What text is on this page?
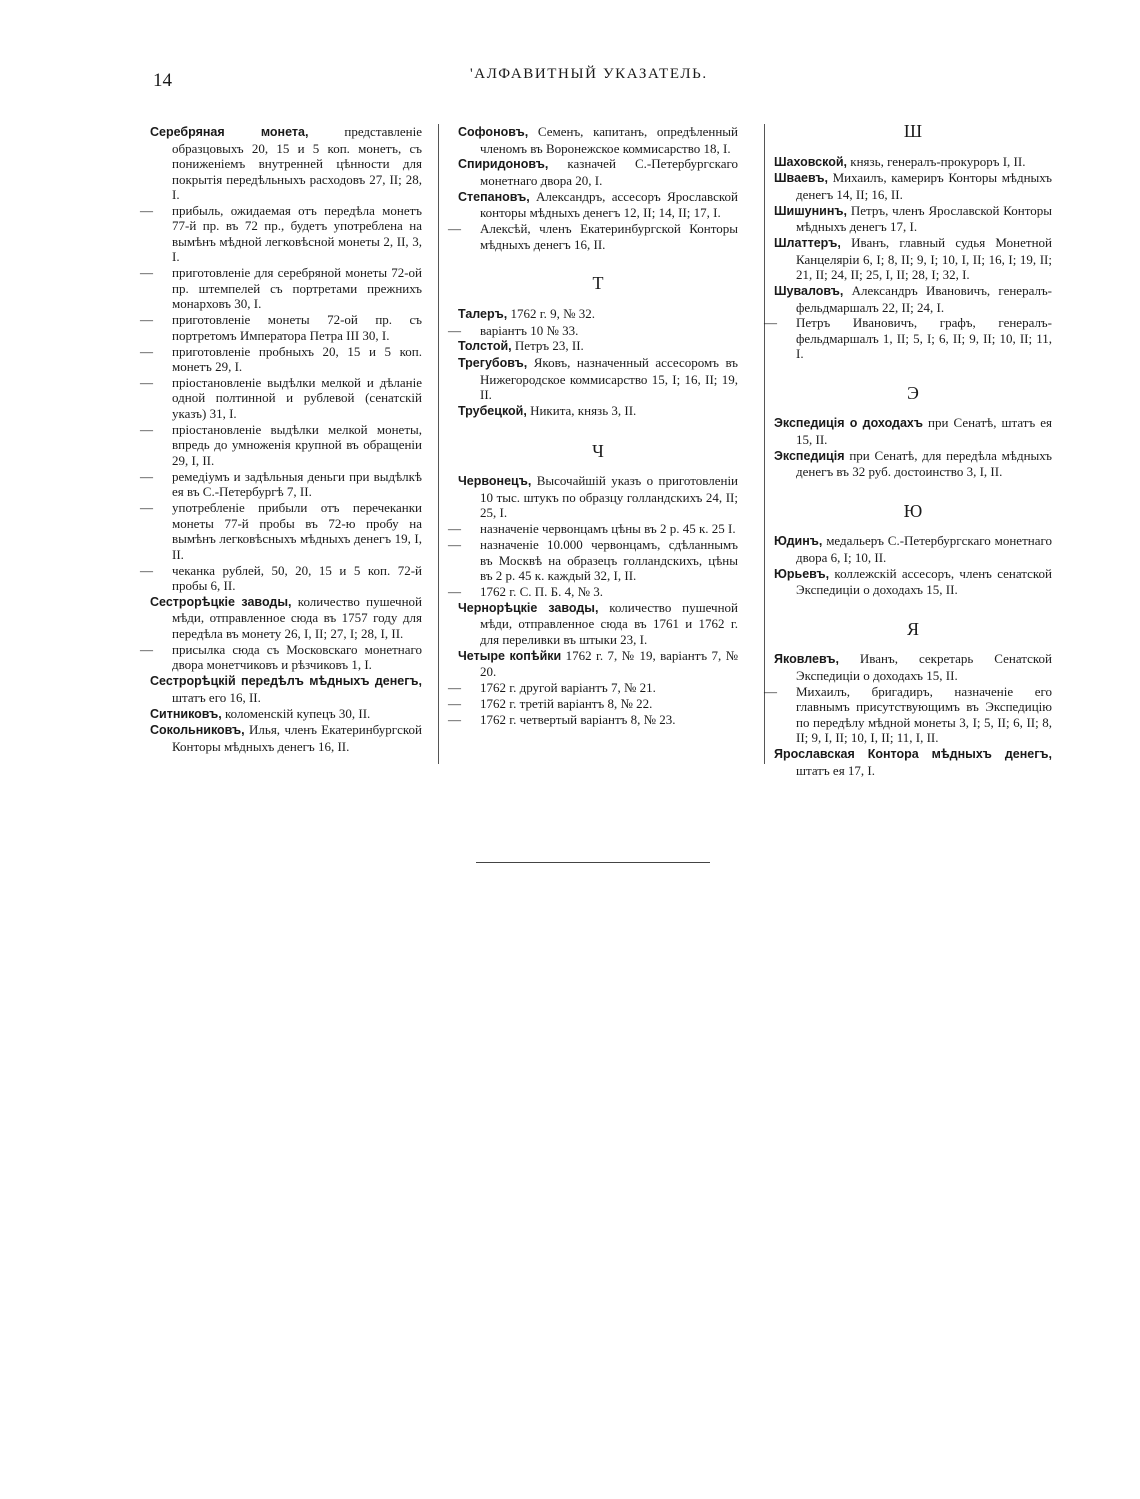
14	'АЛФАВИТНЫЙ УКАЗАТЕЛЬ.
Серебряная монета,	представленіе образцовыхъ 20, 15 и 5 коп. монетъ, съ пониженіемъ внутренней цѣнности для покрытія передѣльныхъ расходовъ 27, II; 28, I.
— прибыль, ожидаемая отъ передѣла монетъ 77-й пр. въ 72 пр., будетъ употреблена на вымѣнъ мѣдной легковѣсной монеты 2, II, 3, I.
— приготовленіе для серебряной монеты 72-ой пр. штемпелей съ портретами прежнихъ монарховъ 30, I.
— приготовленіе монеты 72-ой пр. съ портретомъ Императора Петра III 30, I.
— приготовленіе пробныхъ 20, 15 и 5 коп. монетъ 29, I.
— пріостановленіе выдѣлки мелкой и дѣланіе одной полтинной и рублевой (сенатскій указъ) 31, I.
— пріостановленіе выдѣлки мелкой монеты, впредь до умноженія крупной въ обращеніи 29, I, II.
— ремедіумъ и задѣльныя деньги при выдѣлкѣ ея въ С.-Петербургѣ 7, II.
— употребленіе прибыли отъ перечеканки монеты 77-й пробы въ 72-ю пробу на вымѣнъ легковѣсныхъ мѣдныхъ денегъ 19, I, II.
— чеканка рублей, 50, 20, 15 и 5 коп. 72-й пробы 6, II.
Сестрорѣцкіе заводы, количество пушечной мѣди, отправленное сюда въ 1757 году для передѣла въ монету 26, I, II; 27, I; 28, I, II.
— присылка сюда съ Московскаго монетнаго двора монетчиковъ и рѣзчиковъ 1, I.
Сестрорѣцкій передѣлъ мѣдныхъ денегъ, штатъ его 16, II.
Ситниковъ, коломенскій купецъ 30, II.
Сокольниковъ, Илья, членъ Екатеринбургской Конторы мѣдныхъ денегъ 16, II.
Софоновъ, Семенъ, капитанъ, опредѣленный членомъ въ Воронежское коммисарство 18, I.
Спиридоновъ, казначей С.-Петербургскаго монетнаго двора 20, I.
Степановъ, Александръ, ассесоръ Ярославской конторы мѣдныхъ денегъ 12, II; 14, II; 17, I.
— Алексѣй, членъ Екатеринбургской Конторы мѣдныхъ денегъ 16, II.
Т
Талеръ, 1762 г. 9, № 32.
— варіантъ 10 № 33.
Толстой, Петръ 23, II.
Трегубовъ, Яковъ, назначенный ассесоромъ въ Нижегородское коммисарство 15, I; 16, II; 19, II.
Трубецкой, Никита, князь 3, II.
Ч
Червонецъ, Высочайшій указъ о приготовленіи 10 тыс. штукъ по образцу голландскихъ 24, II; 25, I.
— назначеніе червонцамъ цѣны въ 2 р. 45 к. 25 I.
— назначеніе 10.000 червонцамъ, сдѣланнымъ въ Москвѣ на образецъ голландскихъ, цѣны въ 2 р. 45 к. каждый 32, I, II.
— 1762 г. С. П. Б. 4, № 3.
Чернорѣцкіе заводы, количество пушечной мѣди, отправленное сюда въ 1761 и 1762 г. для переливки въ штыки 23, I.
Четыре копѣйки 1762 г. 7, № 19, варіантъ 7, № 20.
— 1762 г. другой варіантъ 7, № 21.
— 1762 г. третій варіантъ 8, № 22.
— 1762 г. четвертый варіантъ 8, № 23.
Ш
Шаховской, князь, генералъ-прокуроръ I, II.
Шваевъ, Михаилъ, камериръ Конторы мѣдныхъ денегъ 14, II; 16, II.
Шишунинъ, Петръ, членъ Ярославской Конторы мѣдныхъ денегъ 17, I.
Шлаттеръ, Иванъ, главный судья Монетной Канцеляріи 6, I; 8, II; 9, I; 10, I, II; 16, I; 19, II; 21, II; 24, II; 25, I, II; 28, I; 32, I.
Шуваловъ, Александръ Ивановичъ, генералъ-фельдмаршалъ 22, II; 24, I.
— Петръ Ивановичъ, графъ, генералъ-фельдмаршалъ 1, II; 5, I; 6, II; 9, II; 10, II; 11, I.
Э
Экспедиція о доходахъ при Сенатѣ, штатъ ея 15, II.
Экспедиція при Сенатѣ, для передѣла мѣдныхъ денегъ въ 32 руб. достоинство 3, I, II.
Ю
Юдинъ, медальеръ С.-Петербургскаго монетнаго двора 6, I; 10, II.
Юрьевъ, коллежскій ассесоръ, членъ сенатской Экспедиціи о доходахъ 15, II.
Я
Яковлевъ, Иванъ, секретарь Сенатской Экспедиціи о доходахъ 15, II.
— Михаилъ, бригадиръ, назначеніе его главнымъ присутствующимъ въ Экспедицію по передѣлу мѣдной монеты 3, I; 5, II; 6, II; 8, II; 9, I, II; 10, I, II; 11, I, II.
Ярославская Контора мѣдныхъ денегъ, штатъ ея 17, I.
